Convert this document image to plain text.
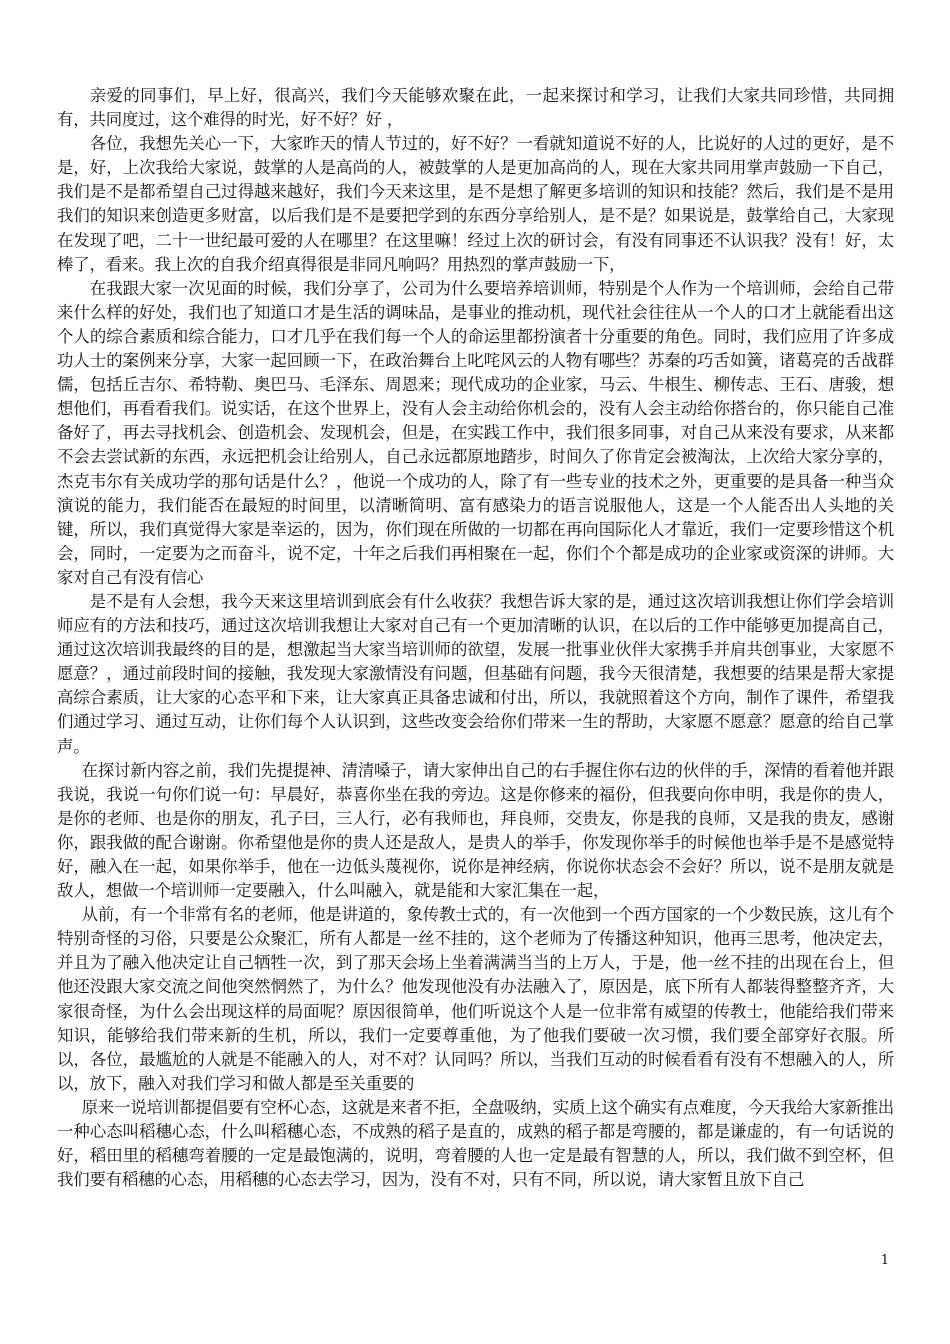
亲爱的同事们，早上好，很高兴，我们今天能够欢聚在此，一起来探讨和学习，让我们大家共同珍惜，共同拥有，共同度过，这个难得的时光，好不好？好 ，

各位，我想先关心一下，大家昨天的情人节过的，好不好？一看就知道说不好的人，比说好的人过的更好，是不是，好，上次我给大家说，鼓掌的人是高尚的人，被鼓掌的人是更加高尚的人，现在大家共同用掌声鼓励一下自己，我们是不是都希望自己过得越来越好，我们今天来这里，是不是想了解更多培训的知识和技能？然后，我们是不是用我们的知识来创造更多财富，以后我们是不是要把学到的东西分享给别人，是不是？如果说是，鼓掌给自己，大家现在发现了吧，二十一世纪最可爱的人在哪里？在这里嘛！经过上次的研讨会，有没有同事还不认识我？没有！好，太棒了，看来。我上次的自我介绍真得很是非同凡响吗？用热烈的掌声鼓励一下，

在我跟大家一次见面的时候，我们分享了，公司为什么要培养培训师，特别是个人作为一个培训师，会给自己带来什么样的好处，我们也了知道口才是生活的调味品，是事业的推动机，现代社会往往从一个人的口才上就能看出这个人的综合素质和综合能力，口才几乎在我们每一个人的命运里都扮演者十分重要的角色。同时，我们应用了许多成功人士的案例来分享，大家一起回顾一下，在政治舞台上叱咤风云的人物有哪些？苏秦的巧舌如簧，诸葛亮的舌战群儒，包括丘吉尔、希特勒、奥巴马、毛泽东、周恩来；现代成功的企业家，马云、牛根生、柳传志、王石、唐骏，想想他们，再看看我们。说实话，在这个世界上，没有人会主动给你机会的，没有人会主动给你搭台的，你只能自己准备好了，再去寻找机会、创造机会、发现机会，但是，在实践工作中，我们很多同事，对自己从来没有要求，从来都不会去尝试新的东西，永远把机会让给别人，自己永远都原地踏步，时间久了你肯定会被淘汰，上次给大家分享的，杰克韦尔有关成功学的那句话是什么？，他说一个成功的人，除了有一些专业的技术之外，更重要的是具备一种当众演说的能力，我们能否在最短的时间里，以清晰简明、富有感染力的语言说服他人，这是一个人能否出人头地的关键，所以，我们真觉得大家是幸运的，因为，你们现在所做的一切都在再向国际化人才靠近，我们一定要珍惜这个机会，同时，一定要为之而奋斗，说不定，十年之后我们再相聚在一起，你们个个都是成功的企业家或资深的讲师。大家对自己有没有信心

是不是有人会想，我今天来这里培训到底会有什么收获？我想告诉大家的是，通过这次培训我想让你们学会培训师应有的方法和技巧，通过这次培训我想让大家对自己有一个更加清晰的认识，在以后的工作中能够更加提高自己，通过这次培训我最终的目的是，想激起当大家当培训师的欲望，发展一批事业伙伴大家携手并肩共创事业，大家愿不愿意？，通过前段时间的接触，我发现大家激情没有问题，但基础有问题，我今天很清楚，我想要的结果是帮大家提高综合素质，让大家的心态平和下来，让大家真正具备忠诚和付出，所以，我就照着这个方向，制作了课件，希望我们通过学习、通过互动，让你们每个人认识到，这些改变会给你们带来一生的帮助，大家愿不愿意？愿意的给自己掌声。

在探讨新内容之前，我们先提提神、清清嗓子，请大家伸出自己的右手握住你右边的伙伴的手，深情的看着他并跟我说，我说一句你们说一句：早晨好，恭喜你坐在我的旁边。这是你修来的福份，但我要向你申明，我是你的贵人，是你的老师、也是你的朋友，孔子曰，三人行，必有我师也，拜良师，交贵友，你是我的良师，又是我的贵友，感谢你，跟我做的配合谢谢。你希望他是你的贵人还是敌人，是贵人的举手，你发现你举手的时候他也举手是不是感觉特好，融入在一起，如果你举手，他在一边低头蔑视你，说你是神经病，你说你状态会不会好？所以，说不是朋友就是敌人，想做一个培训师一定要融入，什么叫融入，就是能和大家汇集在一起，

从前，有一个非常有名的老师，他是讲道的，象传教士式的，有一次他到一个西方国家的一个少数民族，这儿有个特别奇怪的习俗，只要是公众聚汇，所有人都是一丝不挂的，这个老师为了传播这种知识，他再三思考，他决定去，并且为了融入他决定让自己牺牲一次，到了那天会场上坐着满满当当的上万人，于是，他一丝不挂的出现在台上，但他还没跟大家交流之间他突然惘然了，为什么？他发现他没有办法融入了，原因是，底下所有人都装得整整齐齐，大家很奇怪，为什么会出现这样的局面呢？原因很简单，他们听说这个人是一位非常有威望的传教士，他能给我们带来知识，能够给我们带来新的生机，所以，我们一定要尊重他，为了他我们要破一次习惯，我们要全部穿好衣服。所以，各位，最尴尬的人就是不能融入的人，对不对？认同吗？所以，当我们互动的时候看看有没有不想融入的人，所以，放下，融入对我们学习和做人都是至关重要的

原来一说培训都提倡要有空杯心态，这就是来者不拒，全盘吸纳，实质上这个确实有点难度，今天我给大家新推出一种心态叫稻穗心态，什么叫稻穗心态，不成熟的稻子是直的，成熟的稻子都是弯腰的，都是谦虚的，有一句话说的好，稻田里的稻穗弯着腰的一定是最饱满的，说明，弯着腰的人也一定是最有智慧的人，所以，我们做不到空杯，但我们要有稻穗的心态，用稻穗的心态去学习，因为，没有不对，只有不同，所以说，请大家暂且放下自己

1
